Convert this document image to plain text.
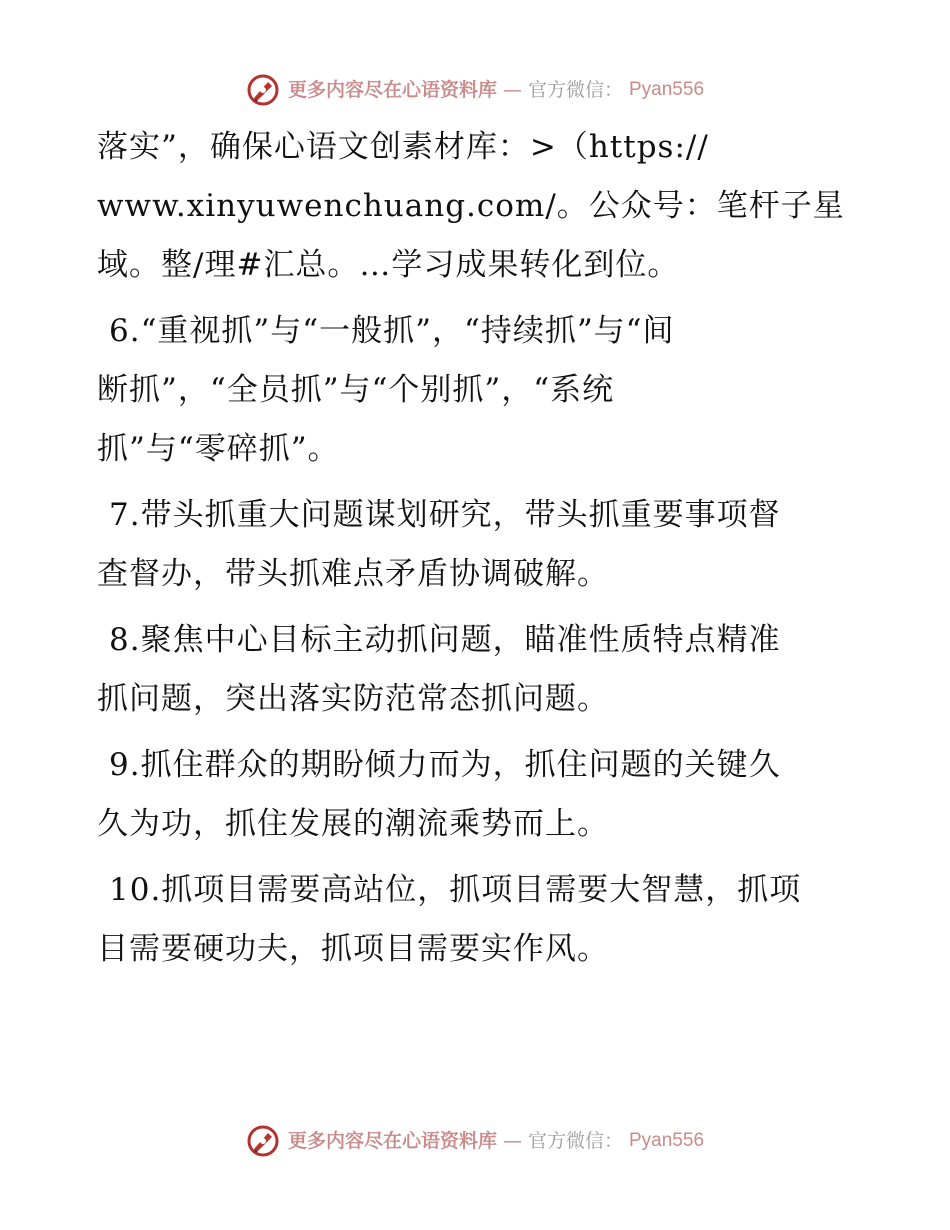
更多内容尽在心语资料库 — 官方微信： Pyan556
落实”，确保心语文创素材库：>（https://
www.xinyuwenchuang.com/。公众号：笔杆子星
域。整/理#汇总。…学习成果转化到位。
6.“重视抓”与“一般抓”，“持续抓”与“间
断抓”，“全员抓”与“个别抓”，“系统
抓”与“零碎抓”。
7.带头抓重大问题谋划研究，带头抓重要事项督
查督办，带头抓难点矛盾协调破解。
8.聚焦中心目标主动抓问题，瞄准性质特点精准
抓问题，突出落实防范常态抓问题。
9.抓住群众的期盼倾力而为，抓住问题的关键久
久为功，抓住发展的潮流乘势而上。
10.抓项目需要高站位，抓项目需要大智慧，抓项
目需要硬功夫，抓项目需要实作风。
更多内容尽在心语资料库 — 官方微信： Pyan556
